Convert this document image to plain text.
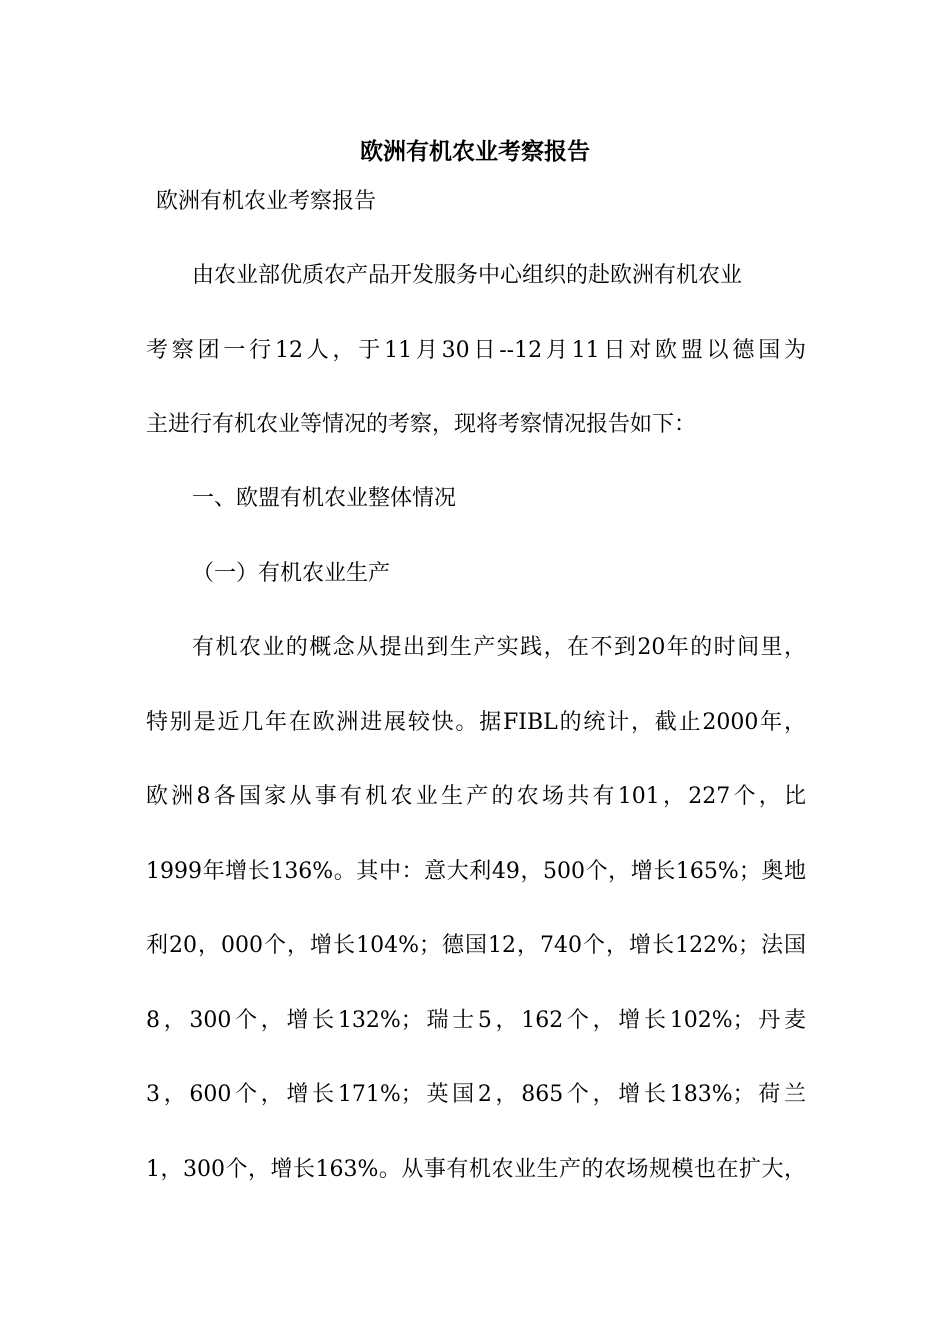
欧洲有机农业考察报告
欧洲有机农业考察报告
由农业部优质农产品开发服务中心组织的赴欧洲有机农业
考察团一行12人，于11月30日--12月11日对欧盟以德国为
主进行有机农业等情况的考察，现将考察情况报告如下：
一、欧盟有机农业整体情况
（一）有机农业生产
有机农业的概念从提出到生产实践，在不到20年的时间里，
特别是近几年在欧洲进展较快。据FIBL的统计，截止2000年，
欧洲8各国家从事有机农业生产的农场共有101，227个，比
1999年增长136%。其中：意大利49，500个，增长165%；奥地
利20，000个，增长104%；德国12，740个，增长122%；法国
8，300个，增长132%；瑞士5，162个，增长102%；丹麦
3，600个，增长171%；英国2，865个，增长183%；荷兰
1，300个，增长163%。从事有机农业生产的农场规模也在扩大，
